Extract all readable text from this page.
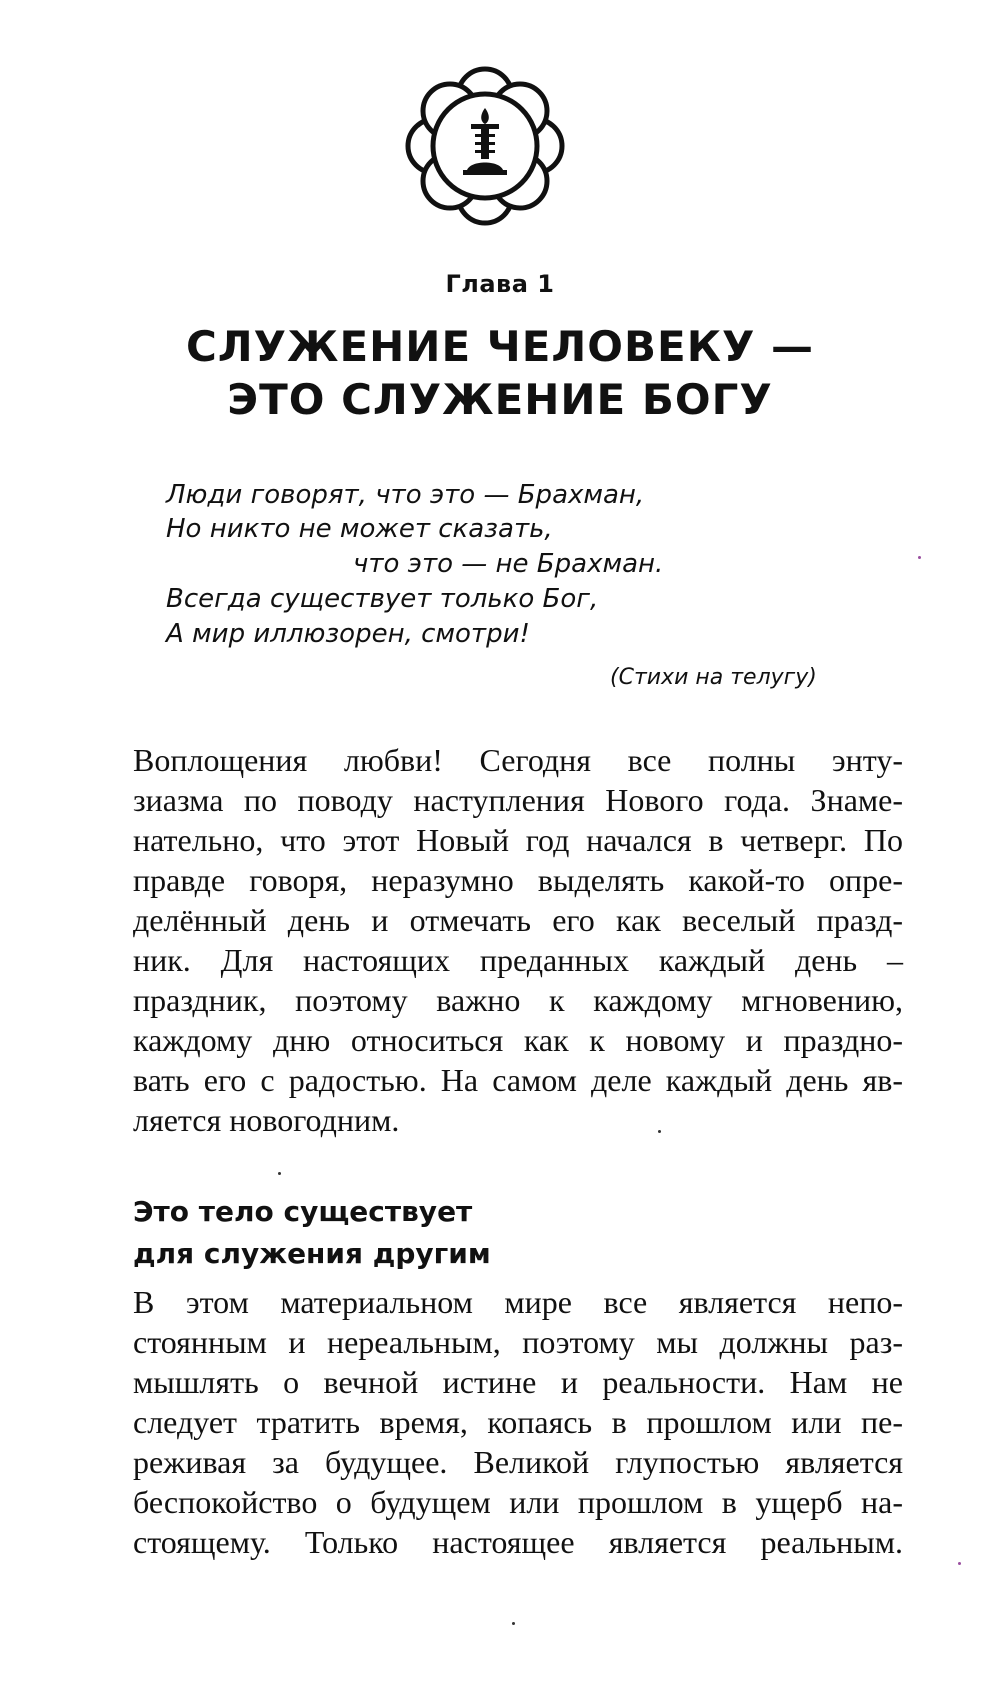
Глава 1
СЛУЖЕНИЕ ЧЕЛОВЕКУ —
ЭТО СЛУЖЕНИЕ БОГУ
Люди говорят, что это — Брахман,
Но никто не может сказать,
что это — не Брахман.
Всегда существует только Бог,
А мир иллюзорен, смотри!
(Стихи на телугу)
Воплощения любви! Сегодня все полны энту-
зиазма по поводу наступления Нового года. Знаме-
нательно, что этот Новый год начался в четверг. По
правде говоря, неразумно выделять какой-то опре-
делённый день и отмечать его как веселый празд-
ник. Для настоящих преданных каждый день –
праздник, поэтому важно к каждому мгновению,
каждому дню относиться как к новому и праздно-
вать его с радостью. На самом деле каждый день яв-
ляется новогодним.
Это тело существует
для служения другим
В этом материальном мире все является непо-
стоянным и нереальным, поэтому мы должны раз-
мышлять о вечной истине и реальности. Нам не
следует тратить время, копаясь в прошлом или пе-
реживая за будущее. Великой глупостью является
беспокойство о будущем или прошлом в ущерб на-
стоящему. Только настоящее является реальным.
